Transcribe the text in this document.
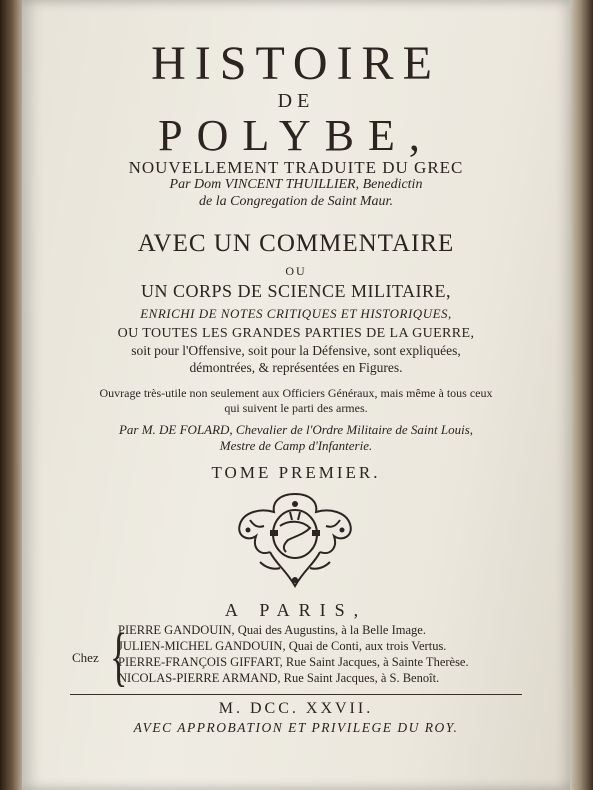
HISTOIRE
DE
POLYBE,
NOUVELLEMENT TRADUITE DU GREC
Par Dom VINCENT THUILLIER, Benedictin
de la Congregation de Saint Maur.
AVEC UN COMMENTAIRE
OU
UN CORPS DE SCIENCE MILITAIRE,
ENRICHI DE NOTES CRITIQUES ET HISTORIQUES,
OU TOUTES LES GRANDES PARTIES DE LA GUERRE,
soit pour l'Offensive, soit pour la Défensive, sont expliquées,
démontrées, & représentées en Figures.
Ouvrage très-utile non seulement aux Officiers Généraux, mais même à tous ceux
qui suivent le parti des armes.
Par M. DE FOLARD, Chevalier de l'Ordre Militaire de Saint Louis,
Mestre de Camp d'Infanterie.
TOME PREMIER.
A PARIS,
Chez {
PIERRE GANDOUIN, Quai des Augustins, à la Belle Image.
JULIEN-MICHEL GANDOUIN, Quai de Conti, aux trois Vertus.
PIERRE-FRANÇOIS GIFFART, Rue Saint Jacques, à Sainte Therèse.
NICOLAS-PIERRE ARMAND, Rue Saint Jacques, à S. Benoît.
M. DCC. XXVII.
AVEC APPROBATION ET PRIVILEGE DU ROY.
